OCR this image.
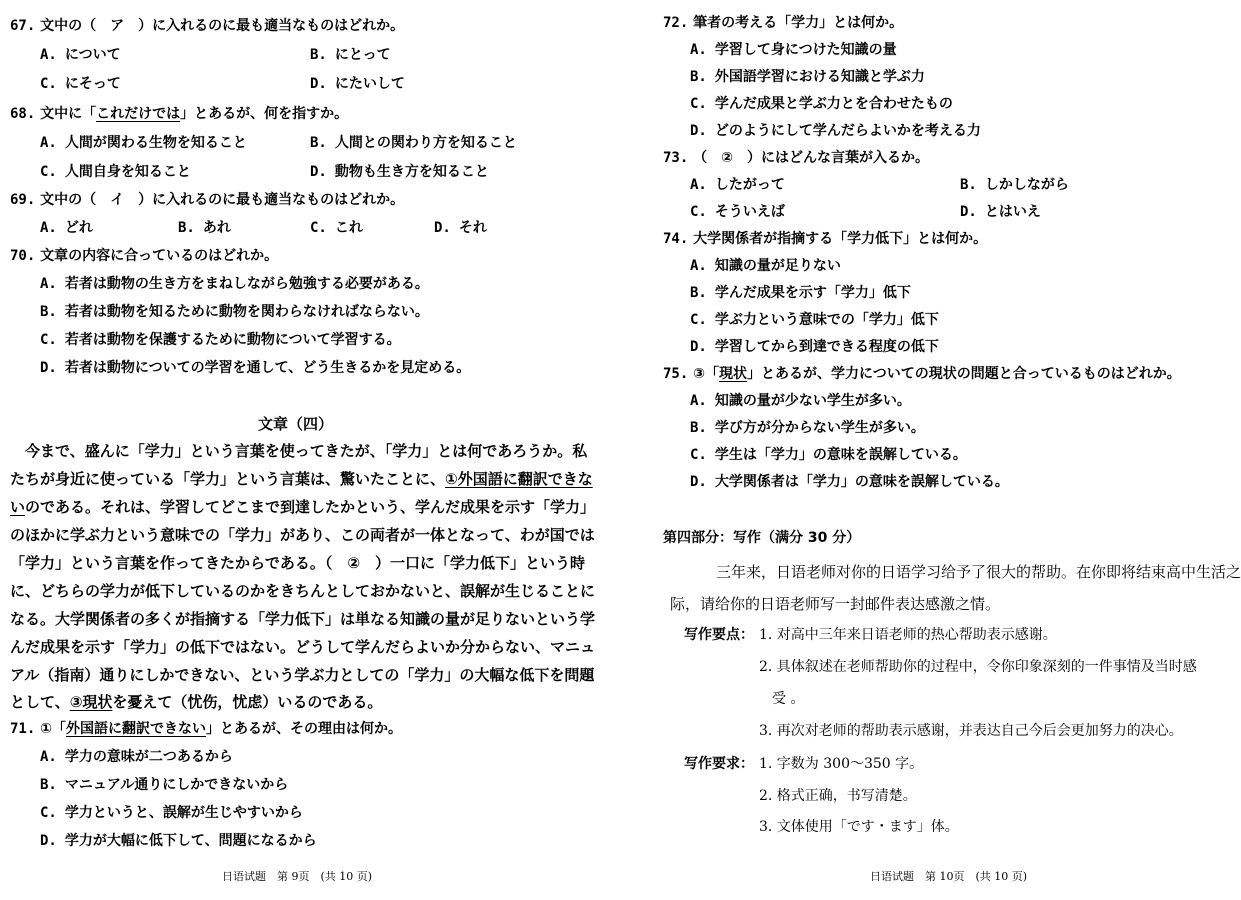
67. 文中の（　ア　）に入れるのに最も適当なものはどれか。
A. について	B. にとって
C. にそって	D. にたいして
68. 文中に「これだけでは」とあるが、何を指すか。
A. 人間が関わる生物を知ること	B. 人間との関わり方を知ること
C. 人間自身を知ること	D. 動物も生き方を知ること
69. 文中の（　イ　）に入れるのに最も適当なものはどれか。
A. どれ	B. あれ	C. これ	D. それ
70. 文章の内容に合っているのはどれか。
A. 若者は動物の生き方をまねしながら勉強する必要がある。
B. 若者は動物を知るために動物を関わらなければならない。
C. 若者は動物を保護するために動物について学習する。
D. 若者は動物についての学習を通して、どう生きるかを見定める。
文章（四）
　今まで、盛んに「学力」という言葉を使ってきたが、「学力」とは何であろうか。私
たちが身近に使っている「学力」という言葉は、驚いたことに、①外国語に翻訳できな
いのである。それは、学習してどこまで到達したかという、学んだ成果を示す「学力」
のほかに学ぶ力という意味での「学力」があり、この両者が一体となって、わが国では
「学力」という言葉を作ってきたからである。（　②　）一口に「学力低下」という時
に、どちらの学力が低下しているのかをきちんとしておかないと、誤解が生じることに
なる。大学関係者の多くが指摘する「学力低下」は単なる知識の量が足りないという学
んだ成果を示す「学力」の低下ではない。どうして学んだらよいか分からない、マニュ
アル（指南）通りにしかできない、という学ぶ力としての「学力」の大幅な低下を問題
として、③現状を憂えて（忧伤，忧虑）いるのである。
71. ①「外国語に翻訳できない」とあるが、その理由は何か。
A. 学力の意味が二つあるから
B. マニュアル通りにしかできないから
C. 学力というと、誤解が生じやすいから
D. 学力が大幅に低下して、問題になるから
日语试题　第 9页　(共 10 页)
72. 筆者の考える「学力」とは何か。
A. 学習して身につけた知識の量
B. 外国語学習における知識と学ぶ力
C. 学んだ成果と学ぶ力とを合わせたもの
D. どのようにして学んだらよいかを考える力
73. （　②　）にはどんな言葉が入るか。
A. したがって	B. しかしながら
C. そういえば	D. とはいえ
74. 大学関係者が指摘する「学力低下」とは何か。
A. 知識の量が足りない
B. 学んだ成果を示す「学力」低下
C. 学ぶ力という意味での「学力」低下
D. 学習してから到達できる程度の低下
75. ③「現状」とあるが、学力についての現状の問題と合っているものはどれか。
A. 知識の量が少ない学生が多い。
B. 学び方が分からない学生が多い。
C. 学生は「学力」の意味を誤解している。
D. 大学関係者は「学力」の意味を誤解している。
第四部分：写作（满分 30 分）
三年来，日语老师对你的日语学习给予了很大的帮助。在你即将结束高中生活之
际，请给你的日语老师写一封邮件表达感激之情。
写作要点： 1. 对高中三年来日语老师的热心帮助表示感谢。
2. 具体叙述在老师帮助你的过程中，令你印象深刻的一件事情及当时感
受 。
3. 再次对老师的帮助表示感谢，并表达自己今后会更加努力的决心。
写作要求： 1. 字数为 300～350 字。
2. 格式正确，书写清楚。
3. 文体使用「です・ます」体。
日语试题　第 10页　(共 10 页)
